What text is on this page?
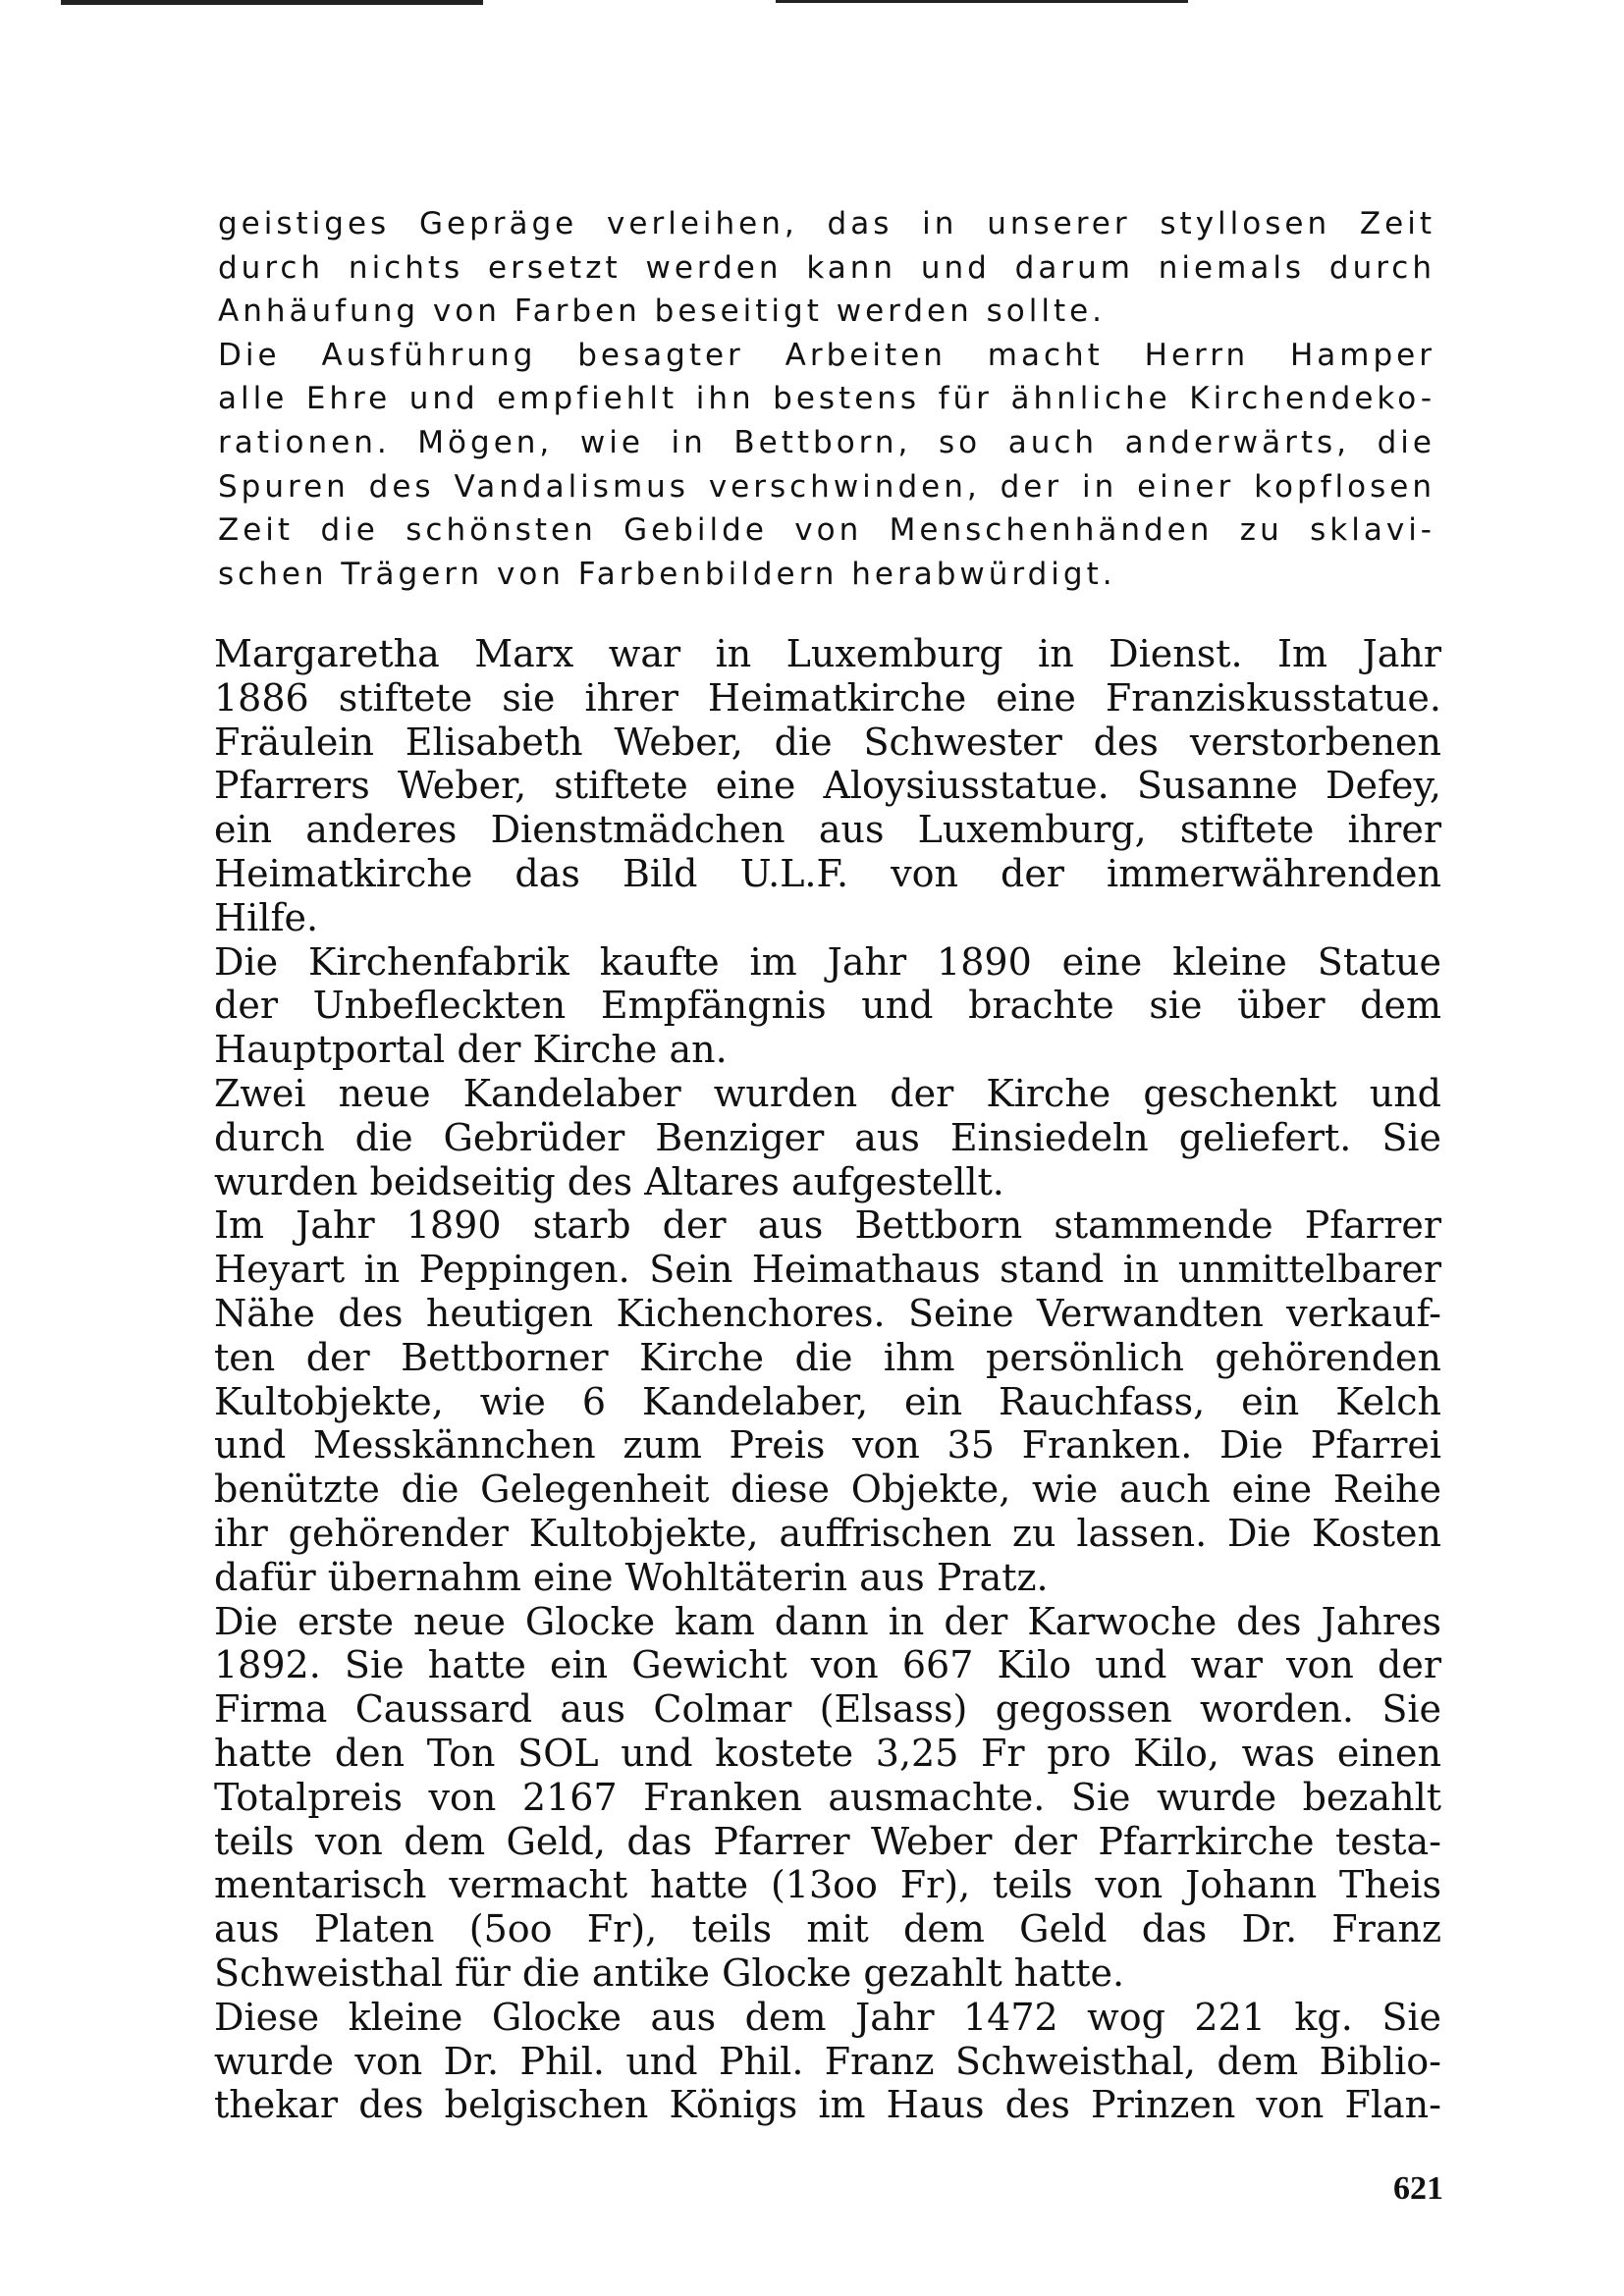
geistiges Gepräge verleihen, das in unserer styllosen Zeit
durch nichts ersetzt werden kann und darum niemals durch
Anhäufung von Farben beseitigt werden sollte.
Die Ausführung besagter Arbeiten macht Herrn Hamper
alle Ehre und empfiehlt ihn bestens für ähnliche Kirchendeko-
rationen. Mögen, wie in Bettborn, so auch anderwärts, die
Spuren des Vandalismus verschwinden, der in einer kopflosen
Zeit die schönsten Gebilde von Menschenhänden zu sklavi-
schen Trägern von Farbenbildern herabwürdigt.
Margaretha Marx war in Luxemburg in Dienst. Im Jahr
1886 stiftete sie ihrer Heimatkirche eine Franziskusstatue.
Fräulein Elisabeth Weber, die Schwester des verstorbenen
Pfarrers Weber, stiftete eine Aloysiusstatue. Susanne Defey,
ein anderes Dienstmädchen aus Luxemburg, stiftete ihrer
Heimatkirche das Bild U.L.F. von der immerwährenden
Hilfe.
Die Kirchenfabrik kaufte im Jahr 1890 eine kleine Statue
der Unbefleckten Empfängnis und brachte sie über dem
Hauptportal der Kirche an.
Zwei neue Kandelaber wurden der Kirche geschenkt und
durch die Gebrüder Benziger aus Einsiedeln geliefert. Sie
wurden beidseitig des Altares aufgestellt.
Im Jahr 1890 starb der aus Bettborn stammende Pfarrer
Heyart in Peppingen. Sein Heimathaus stand in unmittelbarer
Nähe des heutigen Kichenchores. Seine Verwandten verkauf-
ten der Bettborner Kirche die ihm persönlich gehörenden
Kultobjekte, wie 6 Kandelaber, ein Rauchfass, ein Kelch
und Messkännchen zum Preis von 35 Franken. Die Pfarrei
benützte die Gelegenheit diese Objekte, wie auch eine Reihe
ihr gehörender Kultobjekte, auffrischen zu lassen. Die Kosten
dafür übernahm eine Wohltäterin aus Pratz.
Die erste neue Glocke kam dann in der Karwoche des Jahres
1892. Sie hatte ein Gewicht von 667 Kilo und war von der
Firma Caussard aus Colmar (Elsass) gegossen worden. Sie
hatte den Ton SOL und kostete 3,25 Fr pro Kilo, was einen
Totalpreis von 2167 Franken ausmachte. Sie wurde bezahlt
teils von dem Geld, das Pfarrer Weber der Pfarrkirche testa-
mentarisch vermacht hatte (13oo Fr), teils von Johann Theis
aus Platen (5oo Fr), teils mit dem Geld das Dr. Franz
Schweisthal für die antike Glocke gezahlt hatte.
Diese kleine Glocke aus dem Jahr 1472 wog 221 kg. Sie
wurde von Dr. Phil. und Phil. Franz Schweisthal, dem Biblio-
thekar des belgischen Königs im Haus des Prinzen von Flan-
621
